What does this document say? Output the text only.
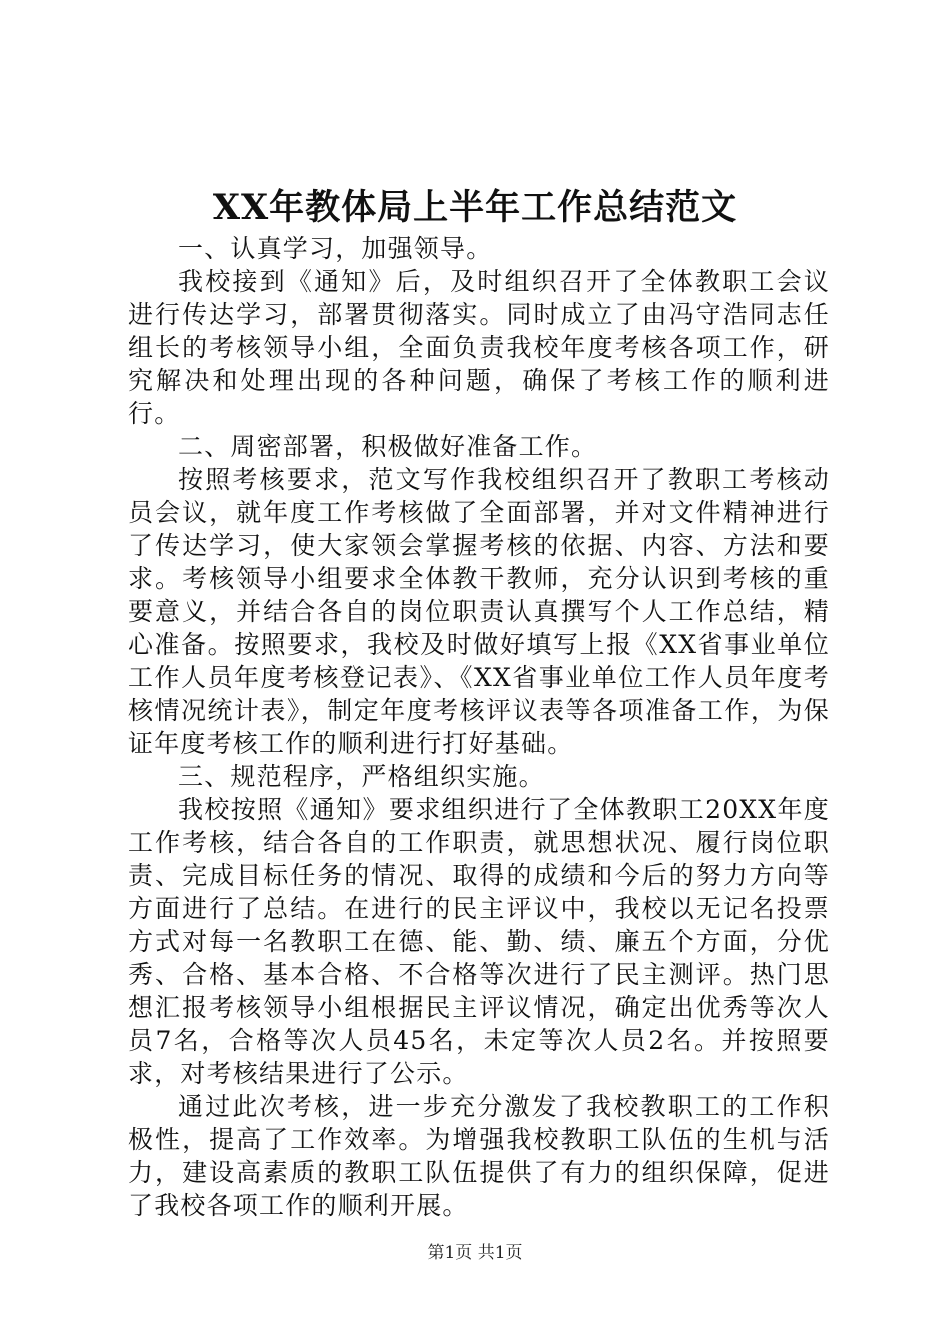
XX年教体局上半年工作总结范文

一、认真学习，加强领导。

我校接到《通知》后，及时组织召开了全体教职工会议进行传达学习，部署贯彻落实。同时成立了由冯守浩同志任组长的考核领导小组，全面负责我校年度考核各项工作，研究解决和处理出现的各种问题，确保了考核工作的顺利进行。

二、周密部署，积极做好准备工作。

按照考核要求，范文写作我校组织召开了教职工考核动员会议，就年度工作考核做了全面部署，并对文件精神进行了传达学习，使大家领会掌握考核的依据、内容、方法和要求。考核领导小组要求全体教干教师，充分认识到考核的重要意义，并结合各自的岗位职责认真撰写个人工作总结，精心准备。按照要求，我校及时做好填写上报《XX省事业单位工作人员年度考核登记表》、《XX省事业单位工作人员年度考核情况统计表》，制定年度考核评议表等各项准备工作，为保证年度考核工作的顺利进行打好基础。

三、规范程序，严格组织实施。

我校按照《通知》要求组织进行了全体教职工20XX年度工作考核，结合各自的工作职责，就思想状况、履行岗位职责、完成目标任务的情况、取得的成绩和今后的努力方向等方面进行了总结。在进行的民主评议中，我校以无记名投票方式对每一名教职工在德、能、勤、绩、廉五个方面，分优秀、合格、基本合格、不合格等次进行了民主测评。热门思想汇报考核领导小组根据民主评议情况，确定出优秀等次人员7名，合格等次人员45名，未定等次人员2名。并按照要求，对考核结果进行了公示。

通过此次考核，进一步充分激发了我校教职工的工作积极性，提高了工作效率。为增强我校教职工队伍的生机与活力，建设高素质的教职工队伍提供了有力的组织保障，促进了我校各项工作的顺利开展。

第1页 共1页
